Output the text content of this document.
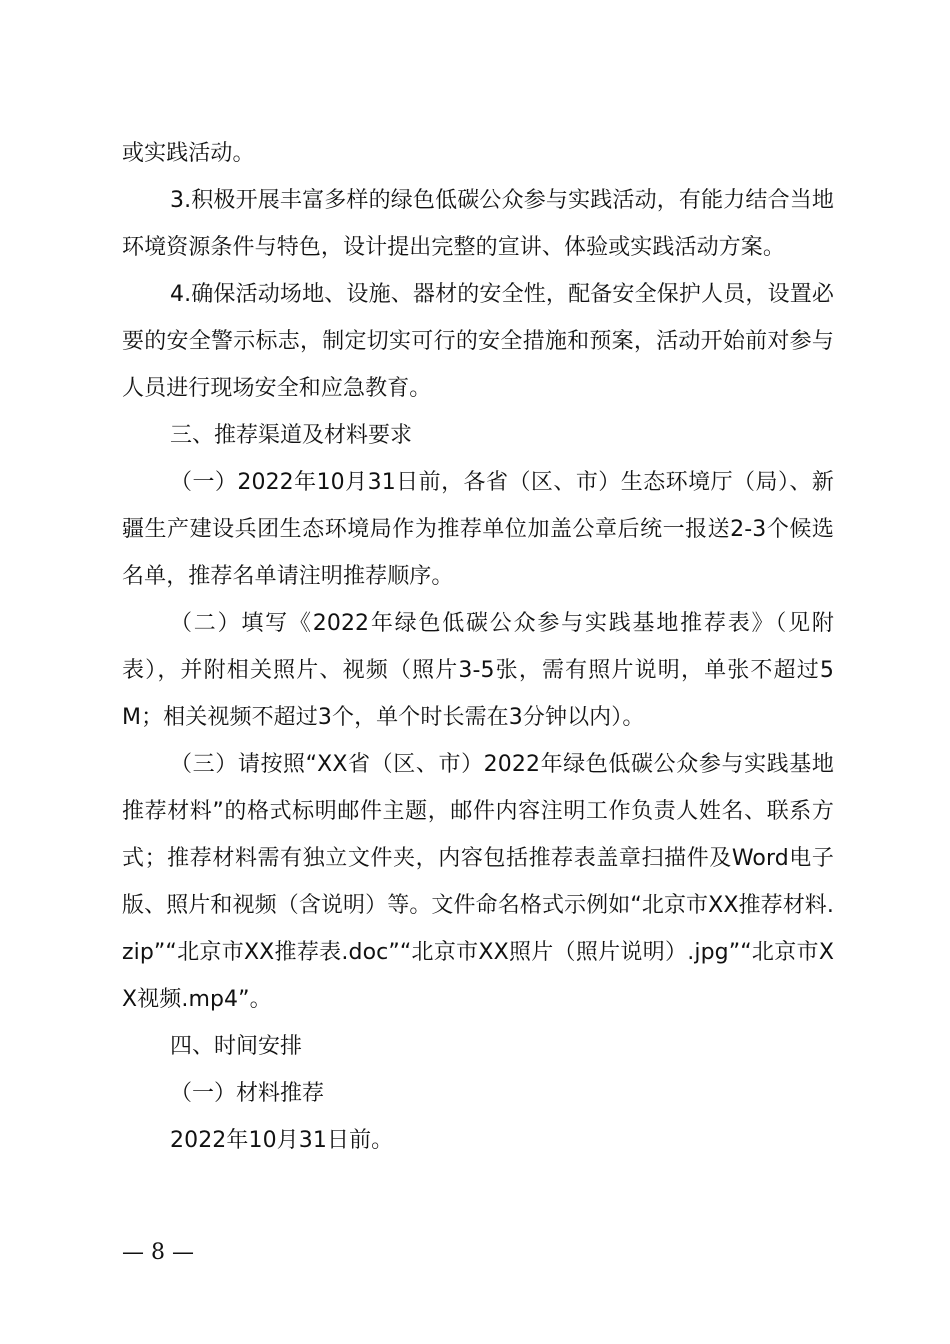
或实践活动。

3.积极开展丰富多样的绿色低碳公众参与实践活动，有能力结合当地环境资源条件与特色，设计提出完整的宣讲、体验或实践活动方案。

4.确保活动场地、设施、器材的安全性，配备安全保护人员，设置必要的安全警示标志，制定切实可行的安全措施和预案，活动开始前对参与人员进行现场安全和应急教育。

三、推荐渠道及材料要求

（一）2022年10月31日前，各省（区、市）生态环境厅（局）、新疆生产建设兵团生态环境局作为推荐单位加盖公章后统一报送2-3个候选名单，推荐名单请注明推荐顺序。

（二）填写《2022年绿色低碳公众参与实践基地推荐表》（见附表），并附相关照片、视频（照片3-5张，需有照片说明，单张不超过5M；相关视频不超过3个，单个时长需在3分钟以内）。

（三）请按照“XX省（区、市）2022年绿色低碳公众参与实践基地推荐材料”的格式标明邮件主题，邮件内容注明工作负责人姓名、联系方式；推荐材料需有独立文件夹，内容包括推荐表盖章扫描件及Word电子版、照片和视频（含说明）等。文件命名格式示例如“北京市XX推荐材料.zip”“北京市XX推荐表.doc”“北京市XX照片（照片说明）.jpg”“北京市XX视频.mp4”。

四、时间安排

（一）材料推荐

2022年10月31日前。

— 8 —
